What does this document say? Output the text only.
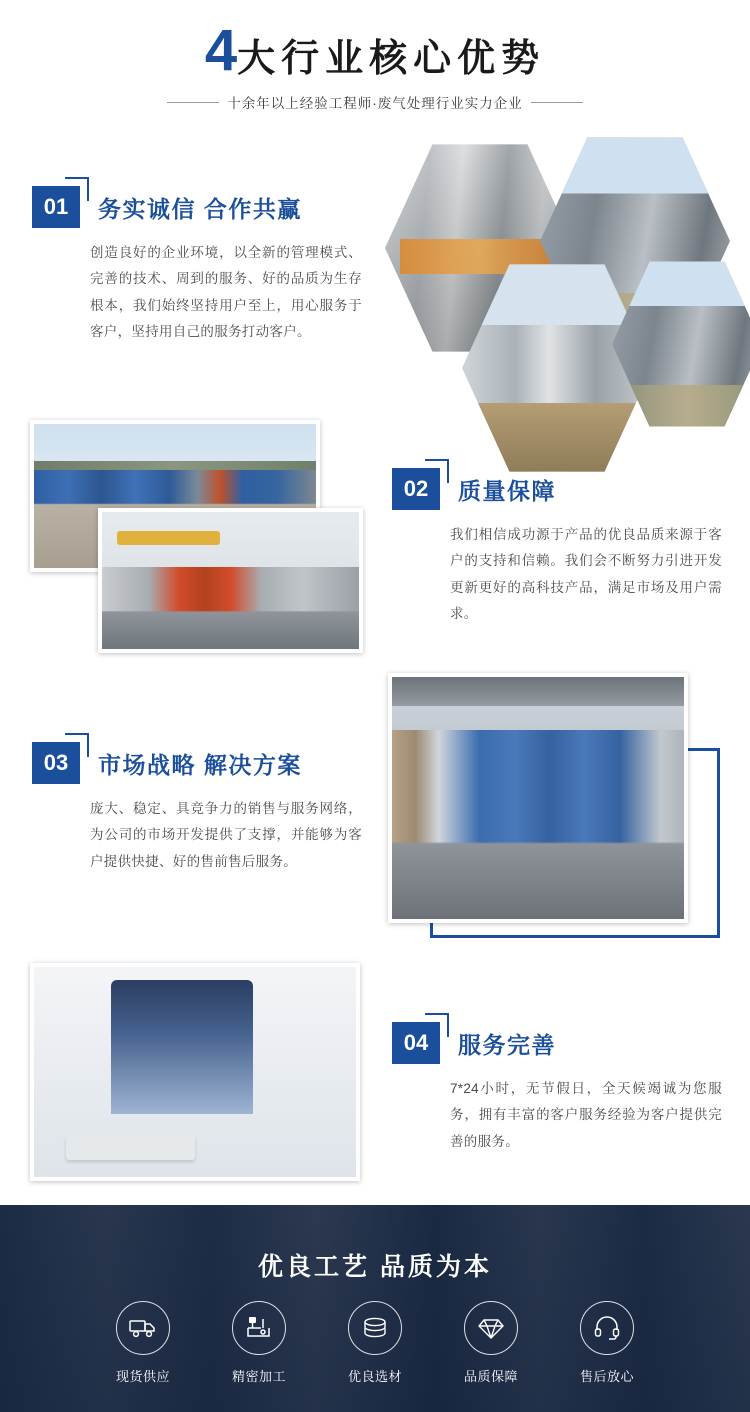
4 大行业核心优势
十余年以上经验工程师·废气处理行业实力企业
01	务实诚信 合作共赢
创造良好的企业环境，以全新的管理模式、完善的技术、周到的服务、好的品质为生存根本，我们始终坚持用户至上，用心服务于客户，坚持用自己的服务打动客户。
02	质量保障
我们相信成功源于产品的优良品质来源于客户的支持和信赖。我们会不断努力引进开发更新更好的高科技产品，满足市场及用户需求。
03	市场战略 解决方案
庞大、稳定、具竞争力的销售与服务网络，为公司的市场开发提供了支撑，并能够为客户提供快捷、好的售前售后服务。
04	服务完善
7*24小时，无节假日，全天候竭诚为您服务，拥有丰富的客户服务经验为客户提供完善的服务。
优良工艺 品质为本
现货供应	精密加工	优良选材	品质保障	售后放心
